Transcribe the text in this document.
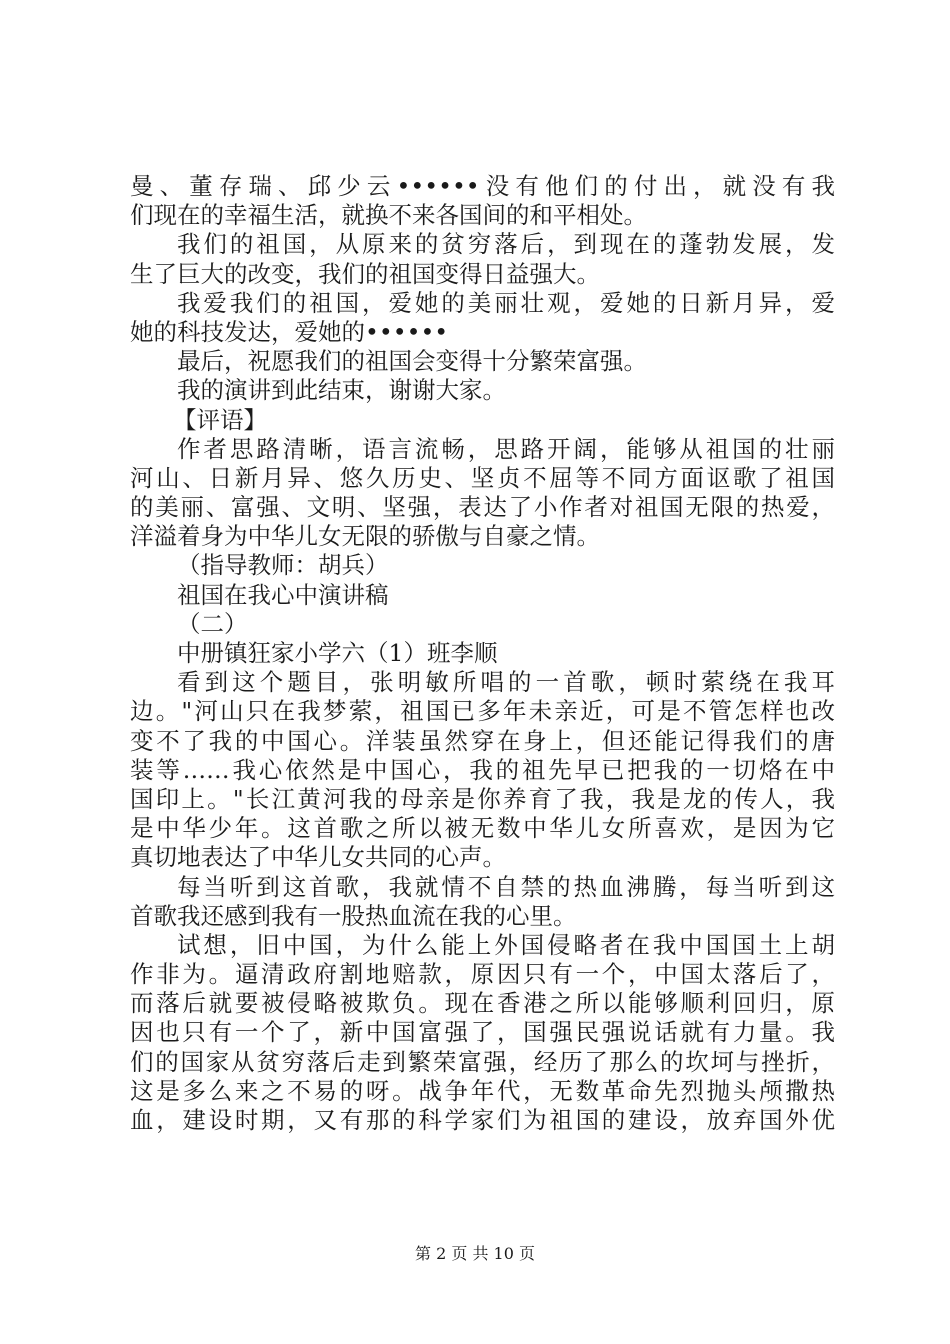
曼、董存瑞、邱少云••••••没有他们的付出，就没有我
们现在的幸福生活，就换不来各国间的和平相处。
我们的祖国，从原来的贫穷落后，到现在的蓬勃发展，发
生了巨大的改变，我们的祖国变得日益强大。
我爱我们的祖国，爱她的美丽壮观，爱她的日新月异，爱
她的科技发达，爱她的••••••
最后，祝愿我们的祖国会变得十分繁荣富强。
我的演讲到此结束，谢谢大家。
【评语】
作者思路清晰，语言流畅，思路开阔，能够从祖国的壮丽
河山、日新月异、悠久历史、坚贞不屈等不同方面讴歌了祖国
的美丽、富强、文明、坚强，表达了小作者对祖国无限的热爱，
洋溢着身为中华儿女无限的骄傲与自豪之情。
（指导教师：胡兵）
祖国在我心中演讲稿
（二）
中册镇狂家小学六（1）班李顺
看到这个题目，张明敏所唱的一首歌，顿时萦绕在我耳
边。"河山只在我梦萦，祖国已多年未亲近，可是不管怎样也改
变不了我的中国心。洋装虽然穿在身上，但还能记得我们的唐
装等……我心依然是中国心，我的祖先早已把我的一切烙在中
国印上。"长江黄河我的母亲是你养育了我，我是龙的传人，我
是中华少年。这首歌之所以被无数中华儿女所喜欢，是因为它
真切地表达了中华儿女共同的心声。
每当听到这首歌，我就情不自禁的热血沸腾，每当听到这
首歌我还感到我有一股热血流在我的心里。
试想，旧中国，为什么能上外国侵略者在我中国国土上胡
作非为。逼清政府割地赔款，原因只有一个，中国太落后了，
而落后就要被侵略被欺负。现在香港之所以能够顺利回归，原
因也只有一个了，新中国富强了，国强民强说话就有力量。我
们的国家从贫穷落后走到繁荣富强，经历了那么的坎坷与挫折，
这是多么来之不易的呀。战争年代，无数革命先烈抛头颅撒热
血，建设时期，又有那的科学家们为祖国的建设，放弃国外优
第 2 页 共 10 页
